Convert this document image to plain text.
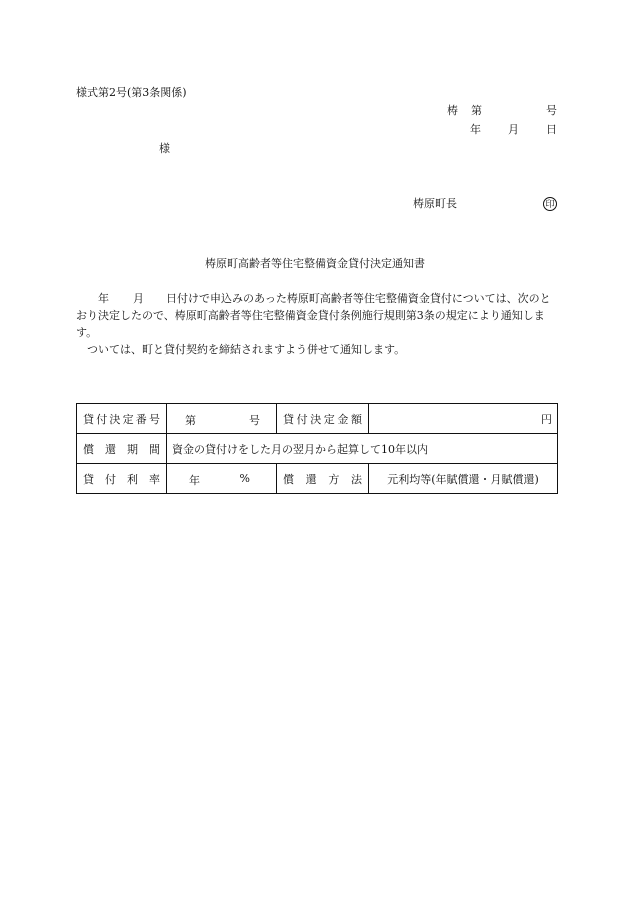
様式第2号(第3条関係)
梼 第	号
年 月 日
様
梼原町長	印
梼原町高齢者等住宅整備資金貸付決定通知書

年 月 日付けで申込みのあった梼原町高齢者等住宅整備資金貸付については、次のとおり決定したので、梼原町高齢者等住宅整備資金貸付条例施行規則第3条の規定により通知します。

ついては、町と貸付契約を締結されますよう併せて通知します。

貸付決定番号	第 号	貸付決定金額	円
償還期間	資金の貸付けをした月の翌月から起算して10年以内		
貸付利率	年 %	償還方法	元利均等(年賦償還・月賦償還)
